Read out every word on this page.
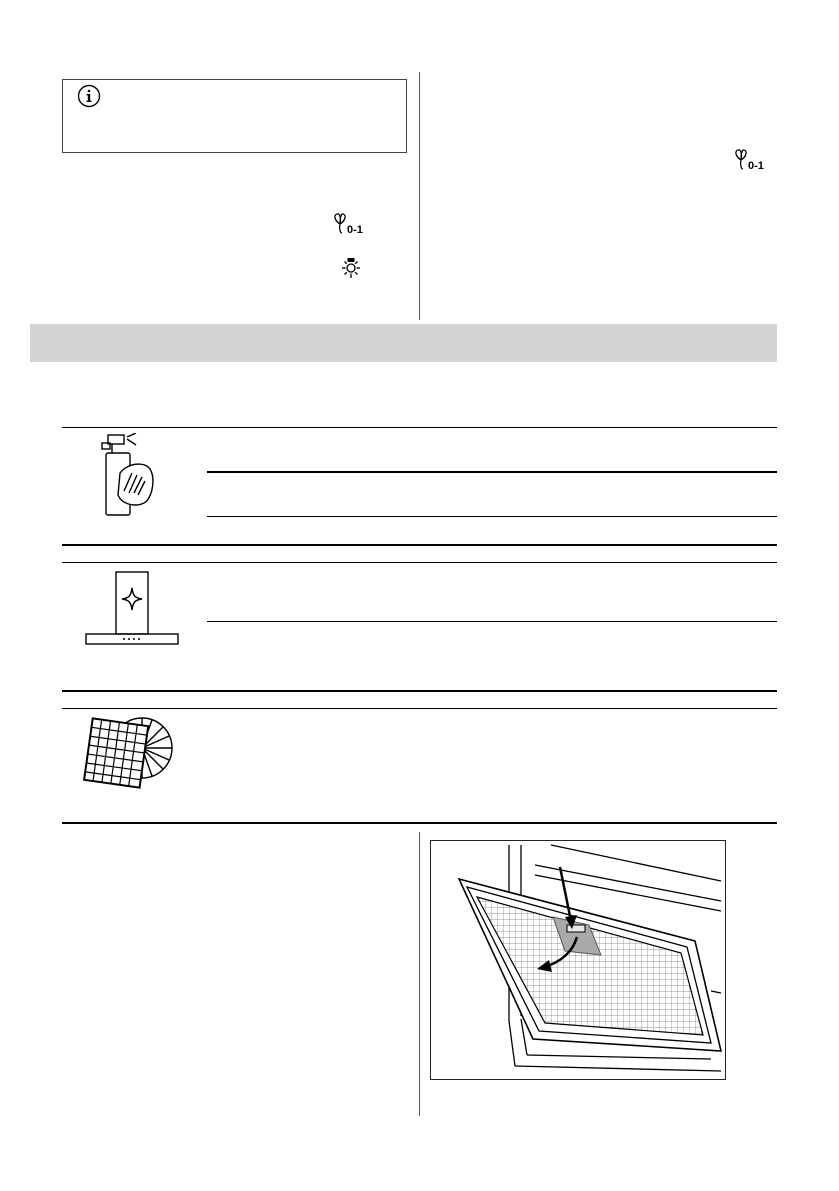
0-1
0-1
